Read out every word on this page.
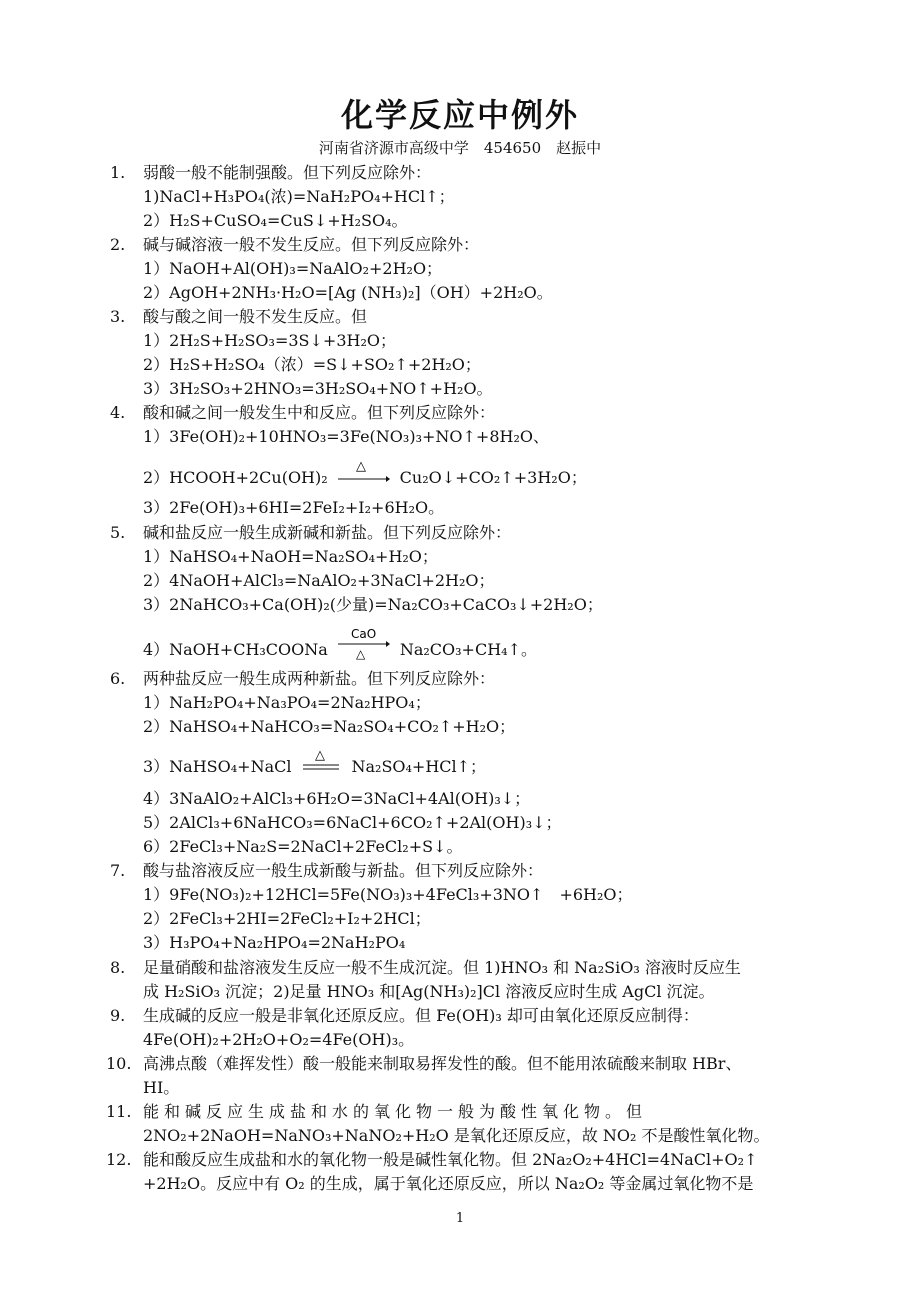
化学反应中例外
河南省济源市高级中学　454650　赵振中
1.	弱酸一般不能制强酸。但下列反应除外：
1)NaCl+H₃PO₄(浓)=NaH₂PO₄+HCl↑；
2）H₂S+CuSO₄=CuS↓+H₂SO₄。
2.	碱与碱溶液一般不发生反应。但下列反应除外：
1）NaOH+Al(OH)₃=NaAlO₂+2H₂O；
2）AgOH+2NH₃·H₂O=[Ag (NH₃)₂]（OH）+2H₂O。
3.	酸与酸之间一般不发生反应。但
1）2H₂S+H₂SO₃=3S↓+3H₂O；
2）H₂S+H₂SO₄（浓）=S↓+SO₂↑+2H₂O；
3）3H₂SO₃+2HNO₃=3H₂SO₄+NO↑+H₂O。
4.	酸和碱之间一般发生中和反应。但下列反应除外：
1）3Fe(OH)₂+10HNO₃=3Fe(NO₃)₃+NO↑+8H₂O、
2）HCOOH+2Cu(OH)₂
△
Cu₂O↓+CO₂↑+3H₂O；
3）2Fe(OH)₃+6HI=2FeI₂+I₂+6H₂O。
5.	碱和盐反应一般生成新碱和新盐。但下列反应除外：
1）NaHSO₄+NaOH=Na₂SO₄+H₂O；
2）4NaOH+AlCl₃=NaAlO₂+3NaCl+2H₂O；
3）2NaHCO₃+Ca(OH)₂(少量)=Na₂CO₃+CaCO₃↓+2H₂O；
4）NaOH+CH₃COONa
CaO
△ Na₂CO₃+CH₄↑。
6.	两种盐反应一般生成两种新盐。但下列反应除外：
1）NaH₂PO₄+Na₃PO₄=2Na₂HPO₄；
2）NaHSO₄+NaHCO₃=Na₂SO₄+CO₂↑+H₂O；
3）NaHSO₄+NaCl
△
Na₂SO₄+HCl↑；
4）3NaAlO₂+AlCl₃+6H₂O=3NaCl+4Al(OH)₃↓；
5）2AlCl₃+6NaHCO₃=6NaCl+6CO₂↑+2Al(OH)₃↓；
6）2FeCl₃+Na₂S=2NaCl+2FeCl₂+S↓。
7.	酸与盐溶液反应一般生成新酸与新盐。但下列反应除外：
1）9Fe(NO₃)₂+12HCl=5Fe(NO₃)₃+4FeCl₃+3NO↑　+6H₂O；
2）2FeCl₃+2HI=2FeCl₂+I₂+2HCl；
3）H₃PO₄+Na₂HPO₄=2NaH₂PO₄
8.	足量硝酸和盐溶液发生反应一般不生成沉淀。但 1)HNO₃ 和 Na₂SiO₃ 溶液时反应生
成 H₂SiO₃ 沉淀；2)足量 HNO₃ 和[Ag(NH₃)₂]Cl 溶液反应时生成 AgCl 沉淀。
9.	生成碱的反应一般是非氧化还原反应。但 Fe(OH)₃ 却可由氧化还原反应制得：
4Fe(OH)₂+2H₂O+O₂=4Fe(OH)₃。
10. 高沸点酸（难挥发性）酸一般能来制取易挥发性的酸。但不能用浓硫酸来制取 HBr、
HI。
11. 能和碱反应生成盐和水的氧化物一般为酸性氧化物。但
2NO₂+2NaOH=NaNO₃+NaNO₂+H₂O 是氧化还原反应，故 NO₂ 不是酸性氧化物。
12. 能和酸反应生成盐和水的氧化物一般是碱性氧化物。但 2Na₂O₂+4HCl=4NaCl+O₂↑
+2H₂O。反应中有 O₂ 的生成，属于氧化还原反应，所以 Na₂O₂ 等金属过氧化物不是
1
